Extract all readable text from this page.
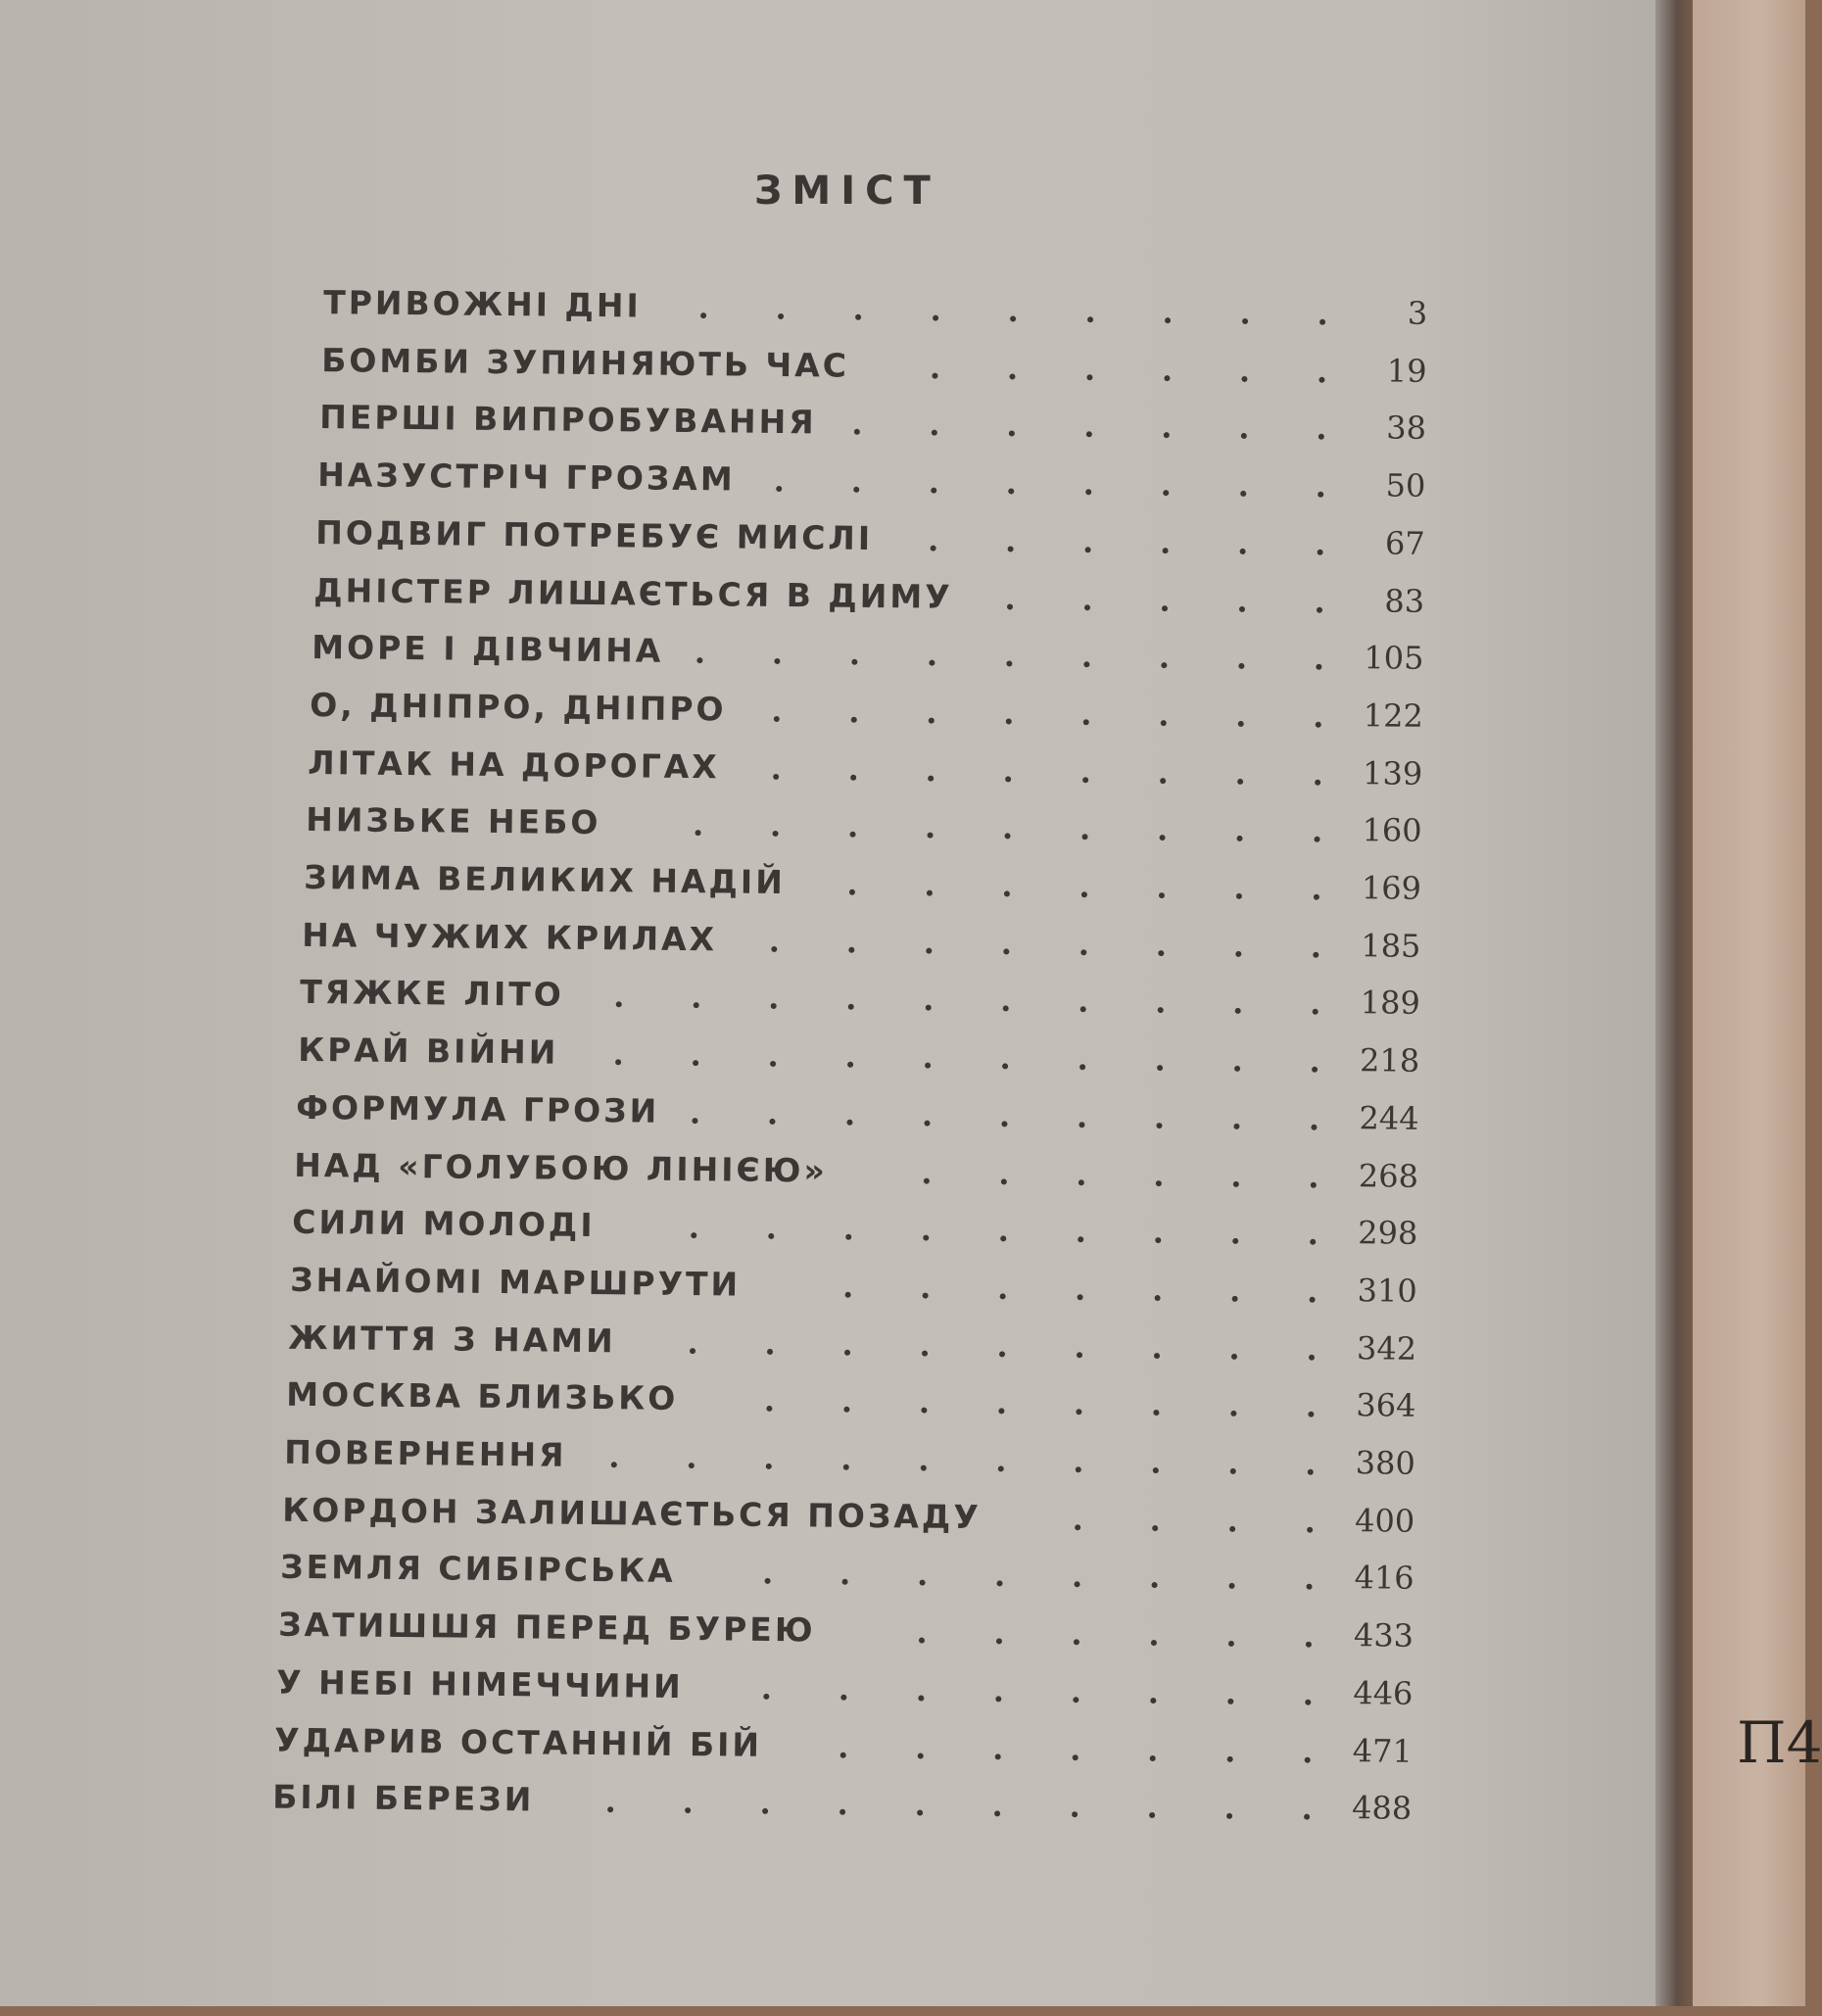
ЗМІСТ
ТРИВОЖНІ ДНІ	3
БОМБИ ЗУПИНЯЮТЬ ЧАС	19
ПЕРШІ ВИПРОБУВАННЯ	38
НАЗУСТРІЧ ГРОЗАМ	50
ПОДВИГ ПОТРЕБУЄ МИСЛІ	67
ДНІСТЕР ЛИШАЄТЬСЯ В ДИМУ	83
МОРЕ І ДІВЧИНА	105
О, ДНІПРО, ДНІПРО	122
ЛІТАК НА ДОРОГАХ	139
НИЗЬКЕ НЕБО	160
ЗИМА ВЕЛИКИХ НАДІЙ	169
НА ЧУЖИХ КРИЛАХ	185
ТЯЖКЕ ЛІТО	189
КРАЙ ВІЙНИ	218
ФОРМУЛА ГРОЗИ	244
НАД «ГОЛУБОЮ ЛІНІЄЮ»	268
СИЛИ МОЛОДІ	298
ЗНАЙОМІ МАРШРУТИ	310
ЖИТТЯ З НАМИ	342
МОСКВА БЛИЗЬКО	364
ПОВЕРНЕННЯ	380
КОРДОН ЗАЛИШАЄТЬСЯ ПОЗАДУ	400
ЗЕМЛЯ СИБІРСЬКА	416
ЗАТИШШЯ ПЕРЕД БУРЕЮ	433
У НЕБІ НІМЕЧЧИНИ	446
УДАРИВ ОСТАННІЙ БІЙ	471
БІЛІ БЕРЕЗИ	488
П4
